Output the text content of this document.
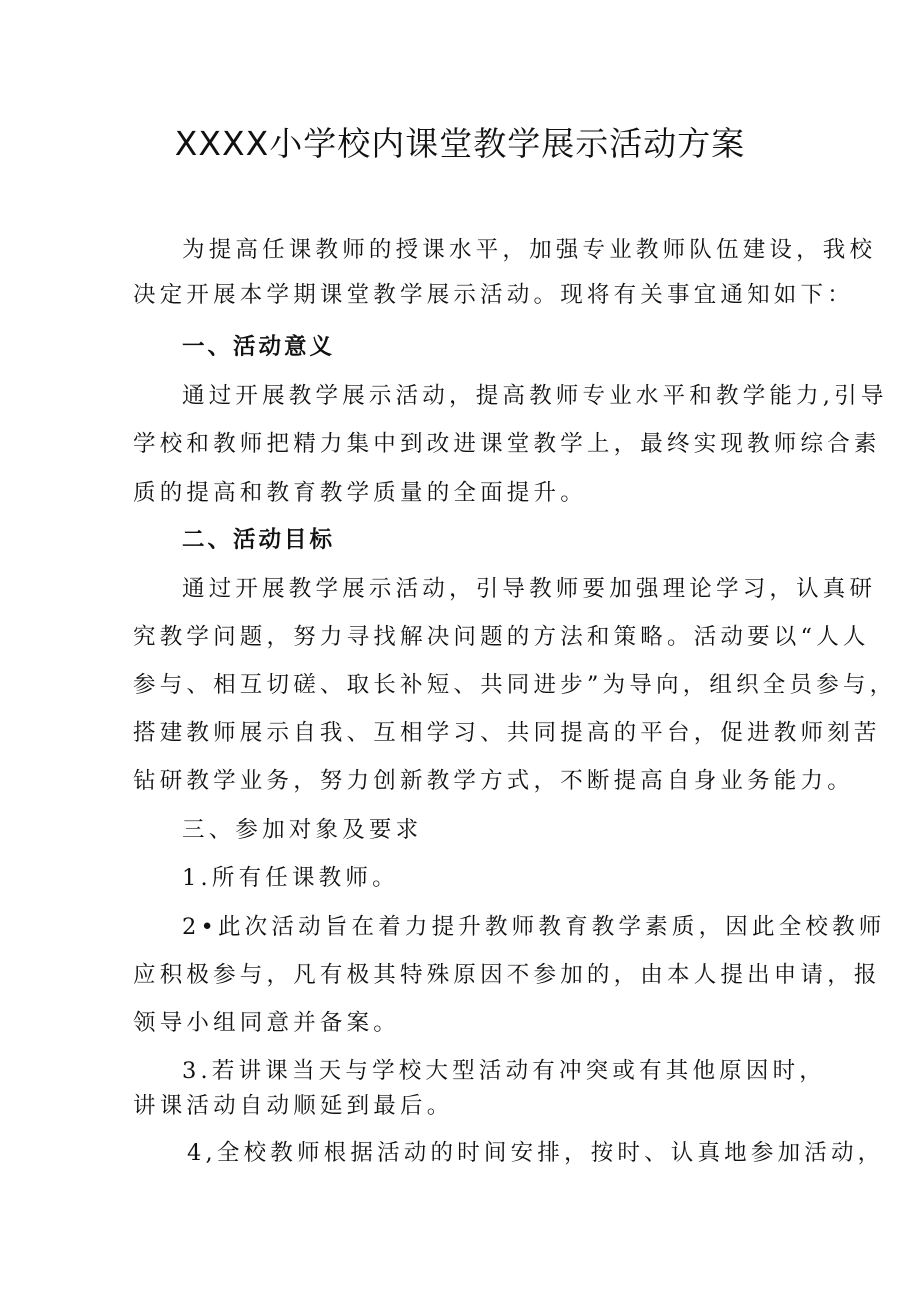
XXXX小学校内课堂教学展示活动方案
为提高任课教师的授课水平，加强专业教师队伍建设，我校
决定开展本学期课堂教学展示活动。现将有关事宜通知如下：
一、活动意义
通过开展教学展示活动，提高教师专业水平和教学能力,引导
学校和教师把精力集中到改进课堂教学上，最终实现教师综合素
质的提高和教育教学质量的全面提升。
二、活动目标
通过开展教学展示活动，引导教师要加强理论学习，认真研
究教学问题，努力寻找解决问题的方法和策略。活动要以“人人
参与、相互切磋、取长补短、共同进步”为导向，组织全员参与，
搭建教师展示自我、互相学习、共同提高的平台，促进教师刻苦
钻研教学业务，努力创新教学方式，不断提高自身业务能力。
三、参加对象及要求
1.所有任课教师。
2•此次活动旨在着力提升教师教育教学素质，因此全校教师
应积极参与，凡有极其特殊原因不参加的，由本人提出申请，报
领导小组同意并备案。
3.若讲课当天与学校大型活动有冲突或有其他原因时，
讲课活动自动顺延到最后。
4,全校教师根据活动的时间安排，按时、认真地参加活动，
